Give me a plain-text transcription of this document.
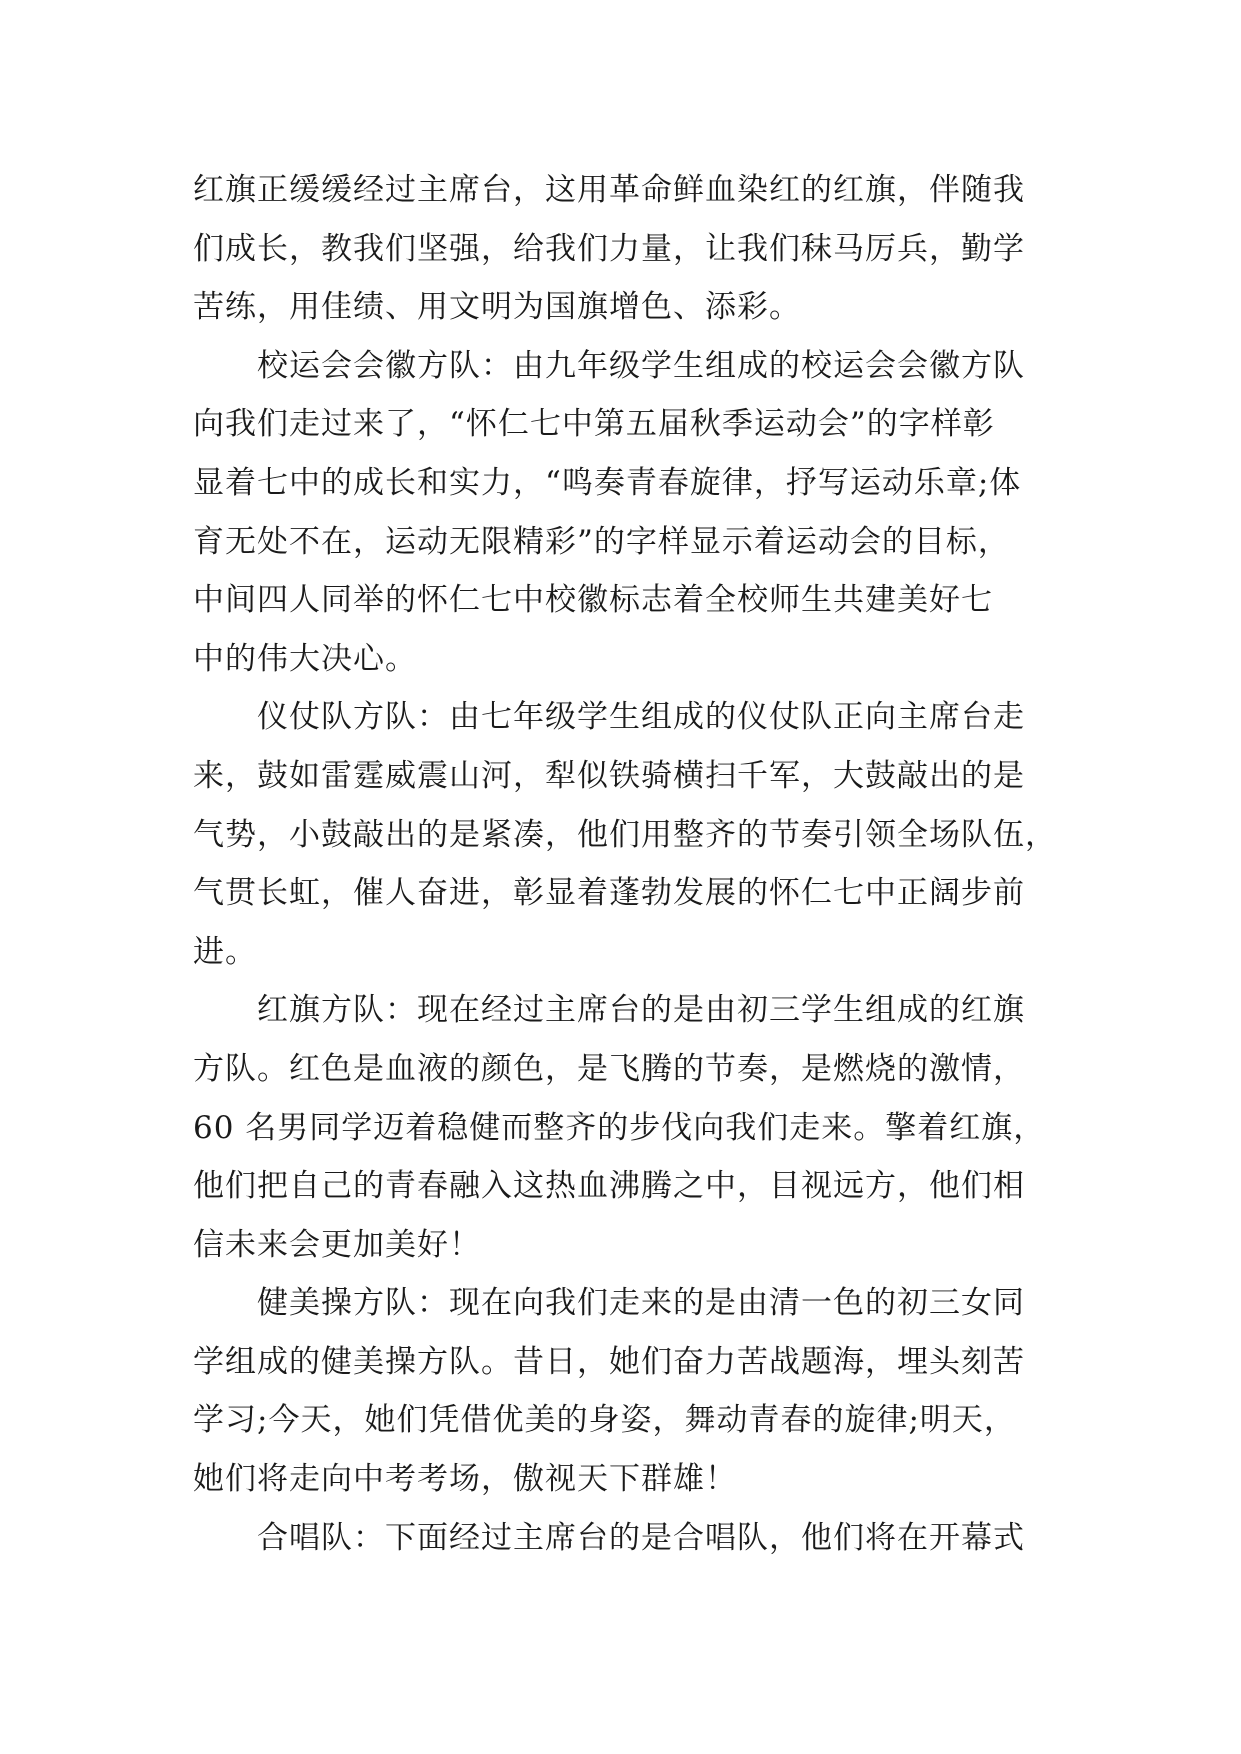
红旗正缓缓经过主席台，这用革命鲜血染红的红旗，伴随我
们成长，教我们坚强，给我们力量，让我们秣马厉兵，勤学
苦练，用佳绩、用文明为国旗增色、添彩。
校运会会徽方队：由九年级学生组成的校运会会徽方队
向我们走过来了，“怀仁七中第五届秋季运动会”的字样彰
显着七中的成长和实力，“鸣奏青春旋律，抒写运动乐章;体
育无处不在，运动无限精彩”的字样显示着运动会的目标，
中间四人同举的怀仁七中校徽标志着全校师生共建美好七
中的伟大决心。
仪仗队方队：由七年级学生组成的仪仗队正向主席台走
来，鼓如雷霆威震山河，犁似铁骑横扫千军，大鼓敲出的是
气势，小鼓敲出的是紧凑，他们用整齐的节奏引领全场队伍，
气贯长虹，催人奋进，彰显着蓬勃发展的怀仁七中正阔步前
进。
红旗方队：现在经过主席台的是由初三学生组成的红旗
方队。红色是血液的颜色，是飞腾的节奏，是燃烧的激情，
60 名男同学迈着稳健而整齐的步伐向我们走来。擎着红旗，
他们把自己的青春融入这热血沸腾之中，目视远方，他们相
信未来会更加美好！
健美操方队：现在向我们走来的是由清一色的初三女同
学组成的健美操方队。昔日，她们奋力苦战题海，埋头刻苦
学习;今天，她们凭借优美的身姿，舞动青春的旋律;明天，
她们将走向中考考场，傲视天下群雄！
合唱队：下面经过主席台的是合唱队，他们将在开幕式
